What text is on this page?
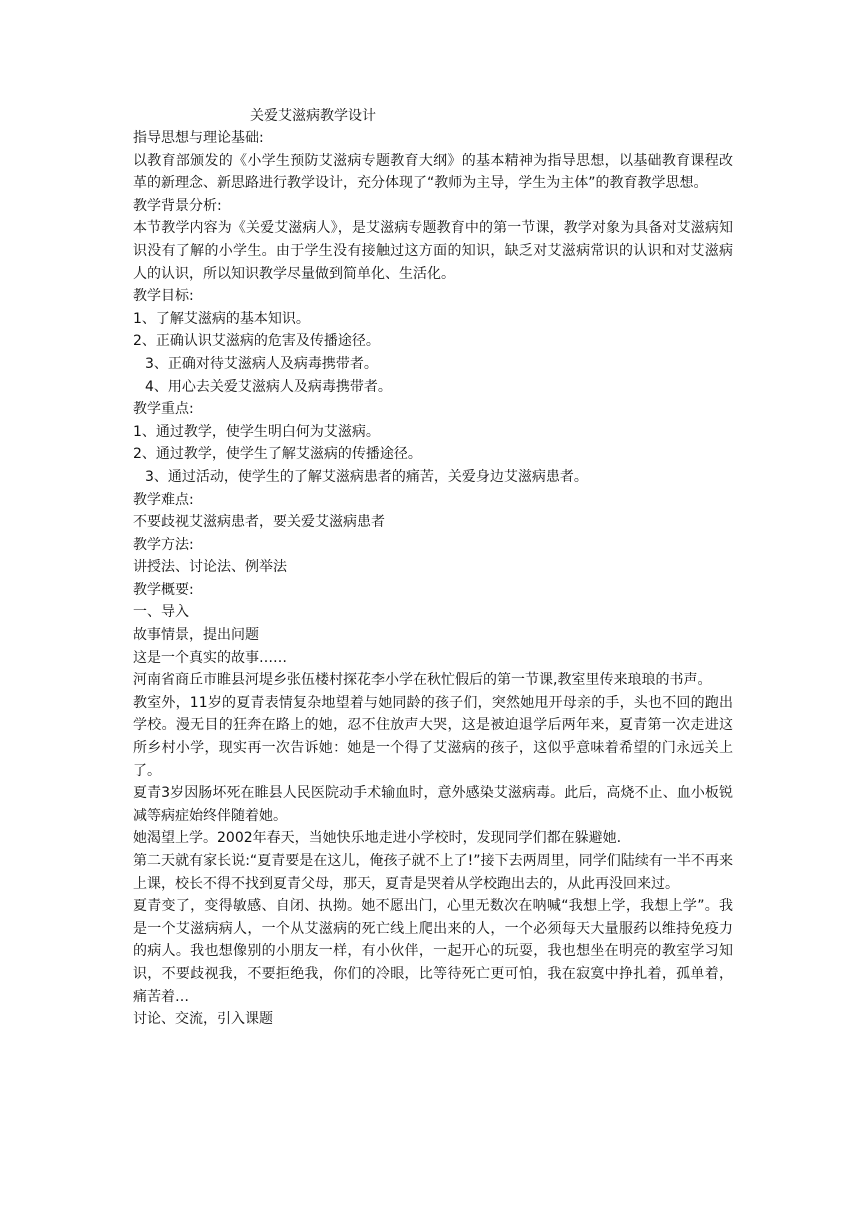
关爱艾滋病教学设计

指导思想与理论基础:

以教育部颁发的《小学生预防艾滋病专题教育大纲》的基本精神为指导思想，以基础教育课程改革的新理念、新思路进行教学设计，充分体现了“教师为主导，学生为主体”的教育教学思想。

教学背景分析:

本节教学内容为《关爱艾滋病人》，是艾滋病专题教育中的第一节课，教学对象为具备对艾滋病知识没有了解的小学生。由于学生没有接触过这方面的知识，缺乏对艾滋病常识的认识和对艾滋病人的认识，所以知识教学尽量做到简单化、生活化。

教学目标:

1、了解艾滋病的基本知识。

2、正确认识艾滋病的危害及传播途径。

3、正确对待艾滋病人及病毒携带者。

4、用心去关爱艾滋病人及病毒携带者。

教学重点:

1、通过教学，使学生明白何为艾滋病。

2、通过教学，使学生了解艾滋病的传播途径。

3、通过活动，使学生的了解艾滋病患者的痛苦，关爱身边艾滋病患者。

教学难点:

不要歧视艾滋病患者，要关爱艾滋病患者

教学方法:

讲授法、讨论法、例举法

教学概要:

一、导入

故事情景，提出问题

这是一个真实的故事……

河南省商丘市睢县河堤乡张伍楼村探花李小学在秋忙假后的第一节课,教室里传来琅琅的书声。

教室外，11岁的夏青表情复杂地望着与她同龄的孩子们，突然她甩开母亲的手，头也不回的跑出学校。漫无目的狂奔在路上的她，忍不住放声大哭，这是被迫退学后两年来，夏青第一次走进这所乡村小学，现实再一次告诉她：她是一个得了艾滋病的孩子，这似乎意味着希望的门永远关上了。

夏青3岁因肠坏死在睢县人民医院动手术输血时，意外感染艾滋病毒。此后，高烧不止、血小板锐减等病症始终伴随着她。

她渴望上学。2002年春天，当她快乐地走进小学校时，发现同学们都在躲避她.

第二天就有家长说:“夏青要是在这儿，俺孩子就不上了!”接下去两周里，同学们陆续有一半不再来上课，校长不得不找到夏青父母，那天，夏青是哭着从学校跑出去的，从此再没回来过。

夏青变了，变得敏感、自闭、执拗。她不愿出门，心里无数次在呐喊“我想上学，我想上学”。我是一个艾滋病病人，一个从艾滋病的死亡线上爬出来的人，一个必须每天大量服药以维持免疫力的病人。我也想像别的小朋友一样，有小伙伴，一起开心的玩耍，我也想坐在明亮的教室学习知识，不要歧视我，不要拒绝我，你们的冷眼，比等待死亡更可怕，我在寂寞中挣扎着，孤单着，痛苦着…

讨论、交流，引入课题
